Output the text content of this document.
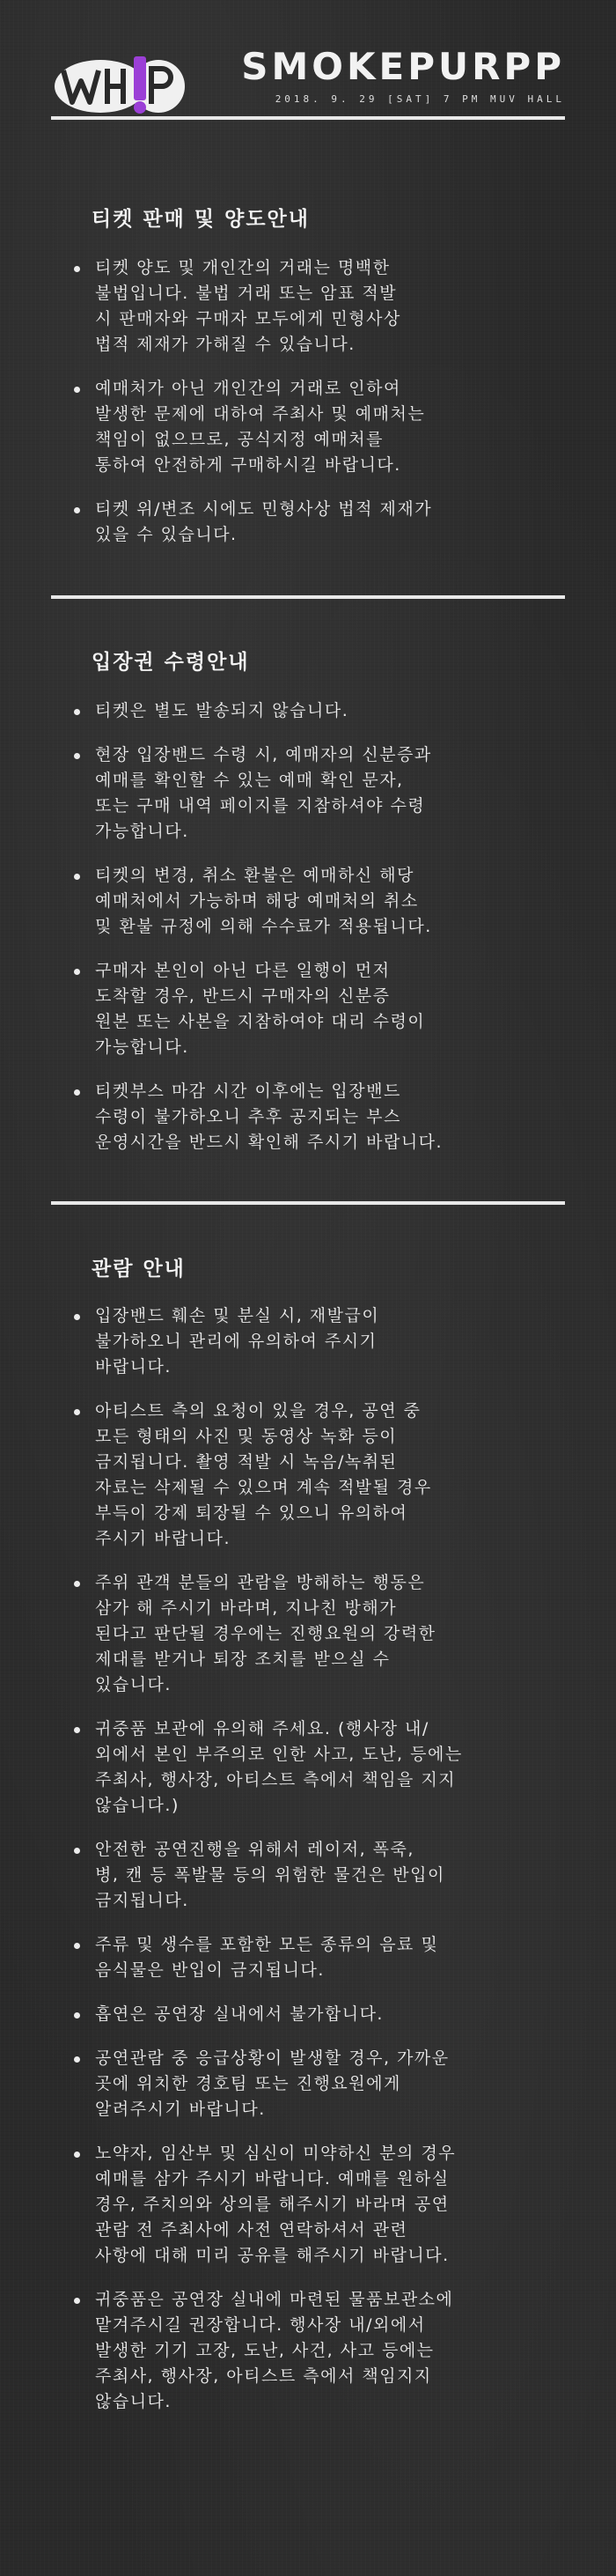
SMOKEPURPP
2018. 9. 29 [SAT] 7 PM MUV HALL
티켓 판매 및 양도안내
티켓 양도 및 개인간의 거래는 명백한
불법입니다. 불법 거래 또는 암표 적발
시 판매자와 구매자 모두에게 민형사상
법적 제재가 가해질 수 있습니다.
예매처가 아닌 개인간의 거래로 인하여
발생한 문제에 대하여 주최사 및 예매처는
책임이 없으므로, 공식지정 예매처를
통하여 안전하게 구매하시길 바랍니다.
티켓 위/변조 시에도 민형사상 법적 제재가
있을 수 있습니다.
입장권 수령안내
티켓은 별도 발송되지 않습니다.
현장 입장밴드 수령 시, 예매자의 신분증과
예매를 확인할 수 있는 예매 확인 문자,
또는 구매 내역 페이지를 지참하셔야 수령
가능합니다.
티켓의 변경, 취소 환불은 예매하신 해당
예매처에서 가능하며 해당 예매처의 취소
및 환불 규정에 의해 수수료가 적용됩니다.
구매자 본인이 아닌 다른 일행이 먼저
도착할 경우, 반드시 구매자의 신분증
원본 또는 사본을 지참하여야 대리 수령이
가능합니다.
티켓부스 마감 시간 이후에는 입장밴드
수령이 불가하오니 추후 공지되는 부스
운영시간을 반드시 확인해 주시기 바랍니다.
관람 안내
입장밴드 훼손 및 분실 시, 재발급이
불가하오니 관리에 유의하여 주시기
바랍니다.
아티스트 측의 요청이 있을 경우, 공연 중
모든 형태의 사진 및 동영상 녹화 등이
금지됩니다. 촬영 적발 시 녹음/녹취된
자료는 삭제될 수 있으며 계속 적발될 경우
부득이 강제 퇴장될 수 있으니 유의하여
주시기 바랍니다.
주위 관객 분들의 관람을 방해하는 행동은
삼가 해 주시기 바라며, 지나친 방해가
된다고 판단될 경우에는 진행요원의 강력한
제대를 받거나 퇴장 조치를 받으실 수
있습니다.
귀중품 보관에 유의해 주세요. (행사장 내/
외에서 본인 부주의로 인한 사고, 도난, 등에는
주최사, 행사장, 아티스트 측에서 책임을 지지
않습니다.)
안전한 공연진행을 위해서 레이저, 폭죽,
병, 캔 등 폭발물 등의 위험한 물건은 반입이
금지됩니다.
주류 및 생수를 포함한 모든 종류의 음료 및
음식물은 반입이 금지됩니다.
흡연은 공연장 실내에서 불가합니다.
공연관람 중 응급상황이 발생할 경우, 가까운
곳에 위치한 경호팀 또는 진행요원에게
알려주시기 바랍니다.
노약자, 임산부 및 심신이 미약하신 분의 경우
예매를 삼가 주시기 바랍니다. 예매를 원하실
경우, 주치의와 상의를 해주시기 바라며 공연
관람 전 주최사에 사전 연락하셔서 관련
사항에 대해 미리 공유를 해주시기 바랍니다.
귀중품은 공연장 실내에 마련된 물품보관소에
맡겨주시길 권장합니다. 행사장 내/외에서
발생한 기기 고장, 도난, 사건, 사고 등에는
주최사, 행사장, 아티스트 측에서 책임지지
않습니다.
